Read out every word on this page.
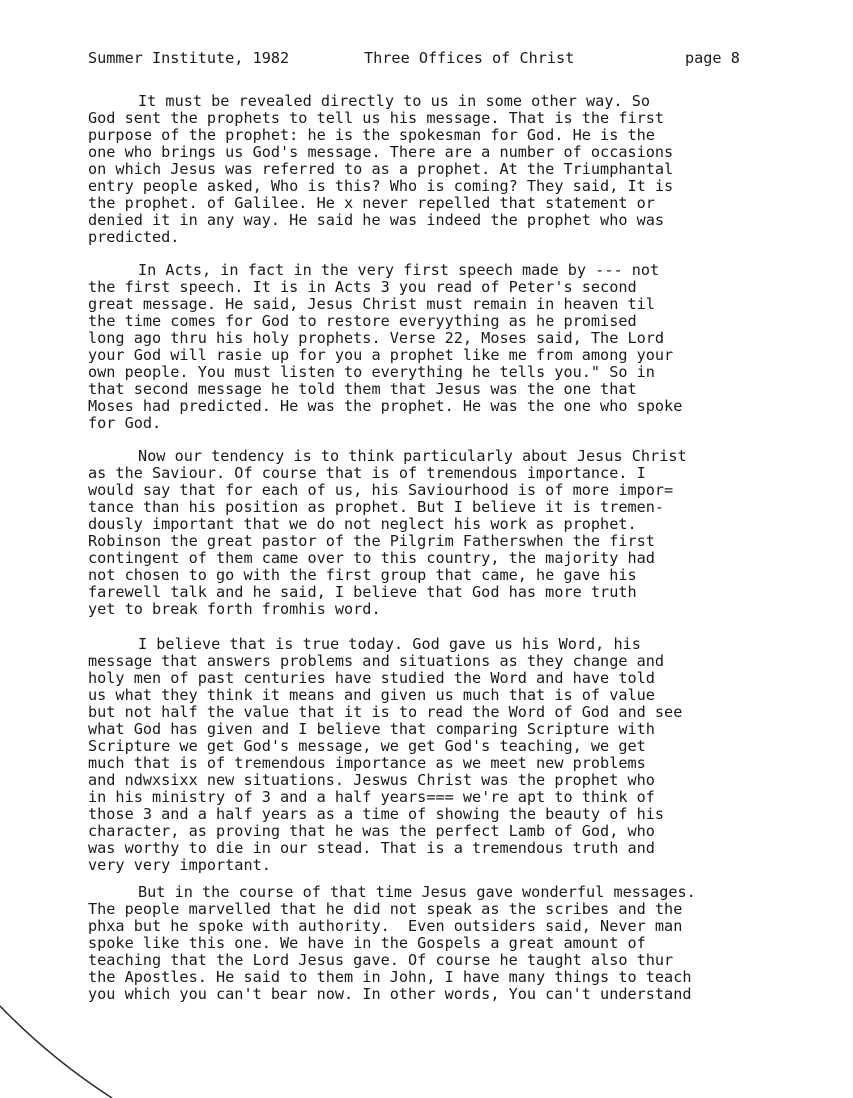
Summer Institute, 1982	Three Offices of Christ	page 8
It must be revealed directly to us in some other way. So
God sent the prophets to tell us his message. That is the first
purpose of the prophet: he is the spokesman for God. He is the
one who brings us God's message. There are a number of occasions
on which Jesus was referred to as a prophet. At the Triumphantal
entry people asked, Who is this? Who is coming? They said, It is
the prophet. of Galilee. He x never repelled that statement or
denied it in any way. He said he was indeed the prophet who was
predicted.
In Acts, in fact in the very first speech made by --- not
the first speech. It is in Acts 3 you read of Peter's second
great message. He said, Jesus Christ must remain in heaven til
the time comes for God to restore everyything as he promised
long ago thru his holy prophets. Verse 22, Moses said, The Lord
your God will rasie up for you a prophet like me from among your
own people. You must listen to everything he tells you." So in
that second message he told them that Jesus was the one that
Moses had predicted. He was the prophet. He was the one who spoke
for God.
Now our tendency is to think particularly about Jesus Christ
as the Saviour. Of course that is of tremendous importance. I
would say that for each of us, his Saviourhood is of more impor=
tance than his position as prophet. But I believe it is tremen-
dously important that we do not neglect his work as prophet.
Robinson the great pastor of the Pilgrim Fatherswhen the first
contingent of them came over to this country, the majority had
not chosen to go with the first group that came, he gave his
farewell talk and he said, I believe that God has more truth
yet to break forth fromhis word.
I believe that is true today. God gave us his Word, his
message that answers problems and situations as they change and
holy men of past centuries have studied the Word and have told
us what they think it means and given us much that is of value
but not half the value that it is to read the Word of God and see
what God has given and I believe that comparing Scripture with
Scripture we get God's message, we get God's teaching, we get
much that is of tremendous importance as we meet new problems
and ndwxsixx new situations. Jeswus Christ was the prophet who
in his ministry of 3 and a half years=== we're apt to think of
those 3 and a half years as a time of showing the beauty of his
character, as proving that he was the perfect Lamb of God, who
was worthy to die in our stead. That is a tremendous truth and
very very important.
But in the course of that time Jesus gave wonderful messages.
The people marvelled that he did not speak as the scribes and the
phxa but he spoke with authority.  Even outsiders said, Never man
spoke like this one. We have in the Gospels a great amount of
teaching that the Lord Jesus gave. Of course he taught also thur
the Apostles. He said to them in John, I have many things to teach
you which you can't bear now. In other words, You can't understand
